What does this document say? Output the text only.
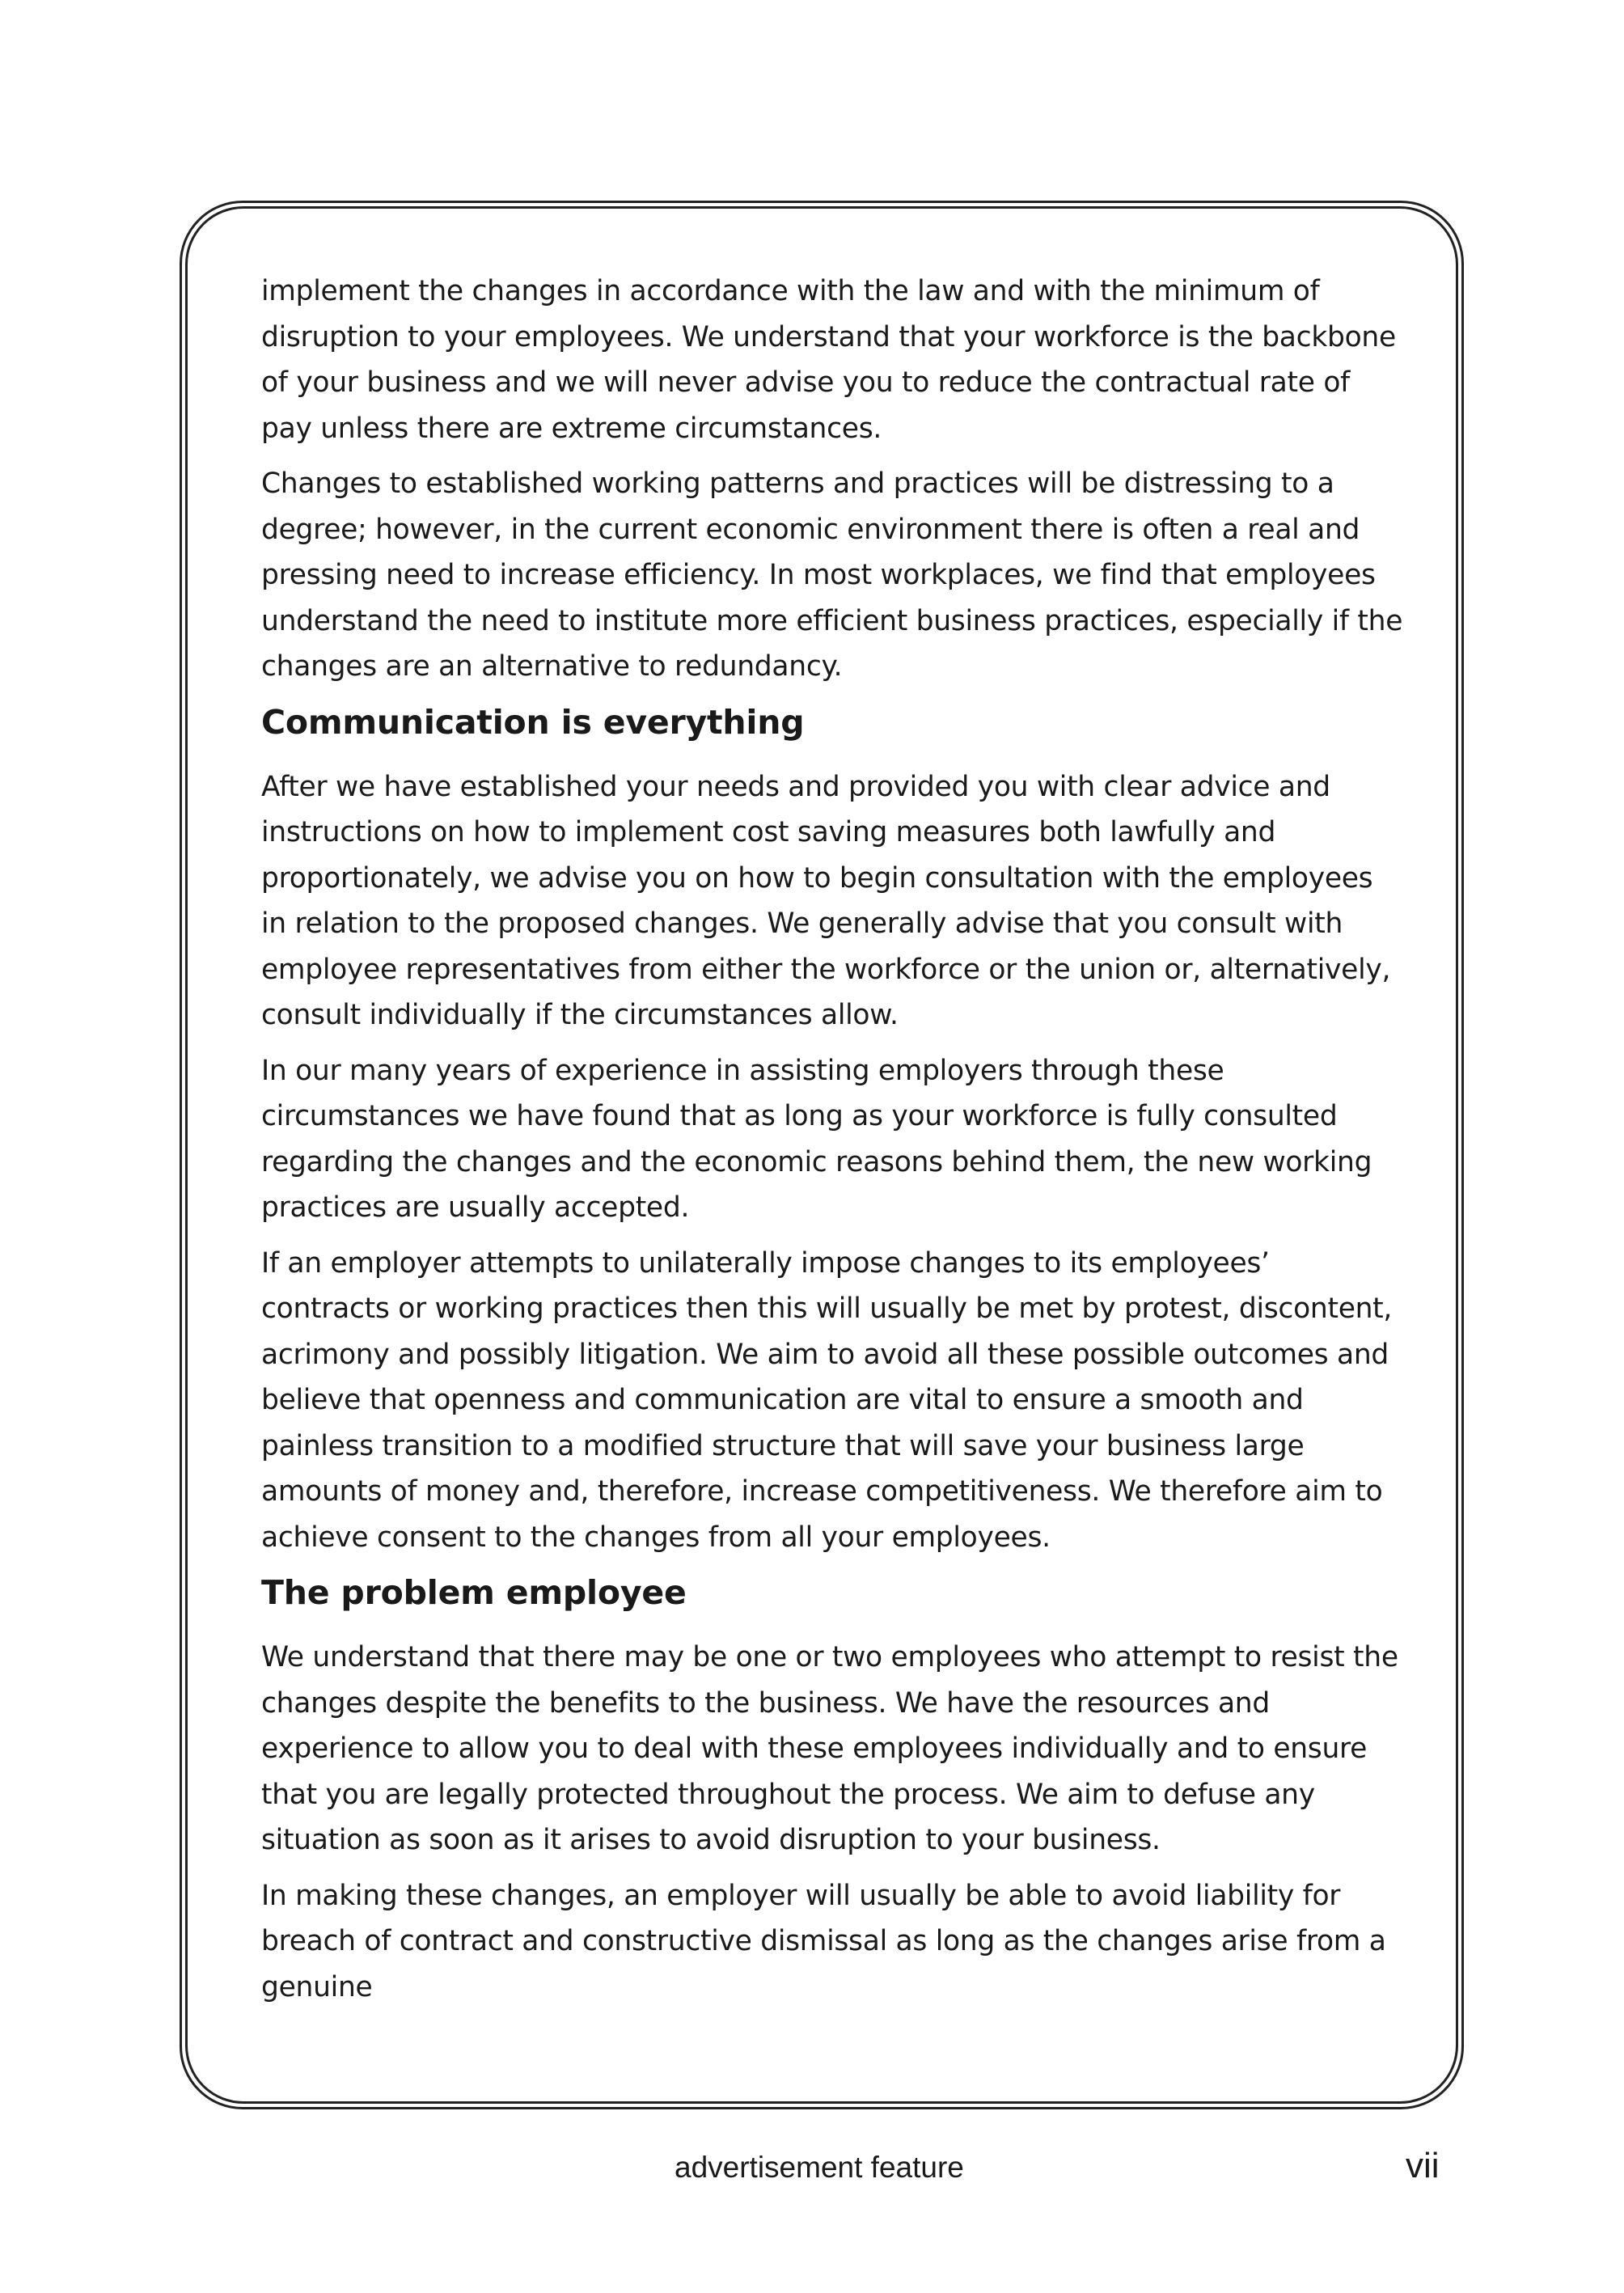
implement the changes in accordance with the law and with the minimum of disruption to your employees. We understand that your workforce is the backbone of your business and we will never advise you to reduce the contractual rate of pay unless there are extreme circumstances.

Changes to established working patterns and practices will be distressing to a degree; however, in the current economic environment there is often a real and pressing need to increase efficiency. In most workplaces, we find that employees understand the need to institute more efficient business practices, especially if the changes are an alternative to redundancy.

Communication is everything

After we have established your needs and provided you with clear advice and instructions on how to implement cost saving measures both lawfully and proportionately, we advise you on how to begin consultation with the employees in relation to the proposed changes. We generally advise that you consult with employee representatives from either the workforce or the union or, alternatively, consult individually if the circumstances allow.

In our many years of experience in assisting employers through these circumstances we have found that as long as your workforce is fully consulted regarding the changes and the economic reasons behind them, the new working practices are usually accepted.

If an employer attempts to unilaterally impose changes to its employees’ contracts or working practices then this will usually be met by protest, discontent, acrimony and possibly litigation. We aim to avoid all these possible outcomes and believe that openness and communication are vital to ensure a smooth and painless transition to a modified structure that will save your business large amounts of money and, therefore, increase competitiveness. We therefore aim to achieve consent to the changes from all your employees.

The problem employee

We understand that there may be one or two employees who attempt to resist the changes despite the benefits to the business. We have the resources and experience to allow you to deal with these employees individually and to ensure that you are legally protected throughout the process. We aim to defuse any situation as soon as it arises to avoid disruption to your business.

In making these changes, an employer will usually be able to avoid liability for breach of contract and constructive dismissal as long as the changes arise from a genuine

advertisement feature	vii
